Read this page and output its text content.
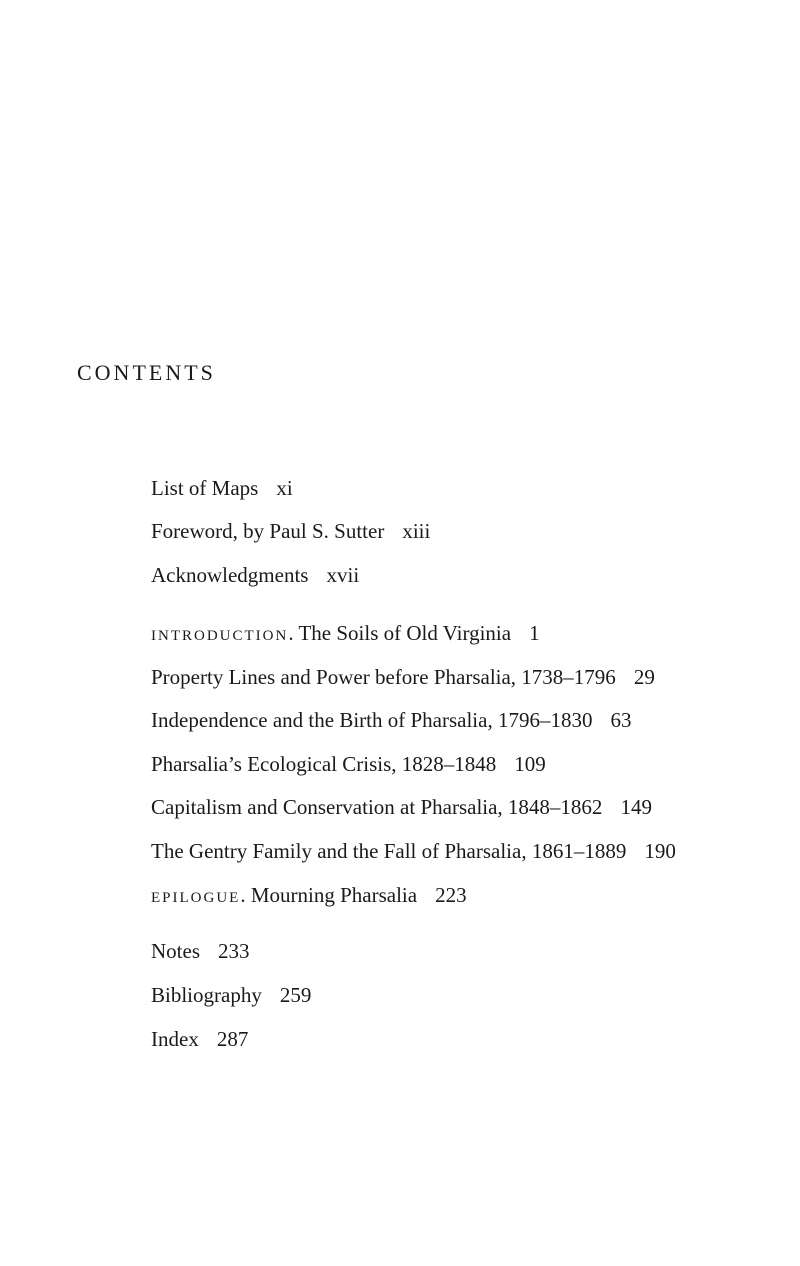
CONTENTS
List of Maps xi
Foreword, by Paul S. Sutter xiii
Acknowledgments xvii
introduction. The Soils of Old Virginia 1
Property Lines and Power before Pharsalia, 1738–1796 29
Independence and the Birth of Pharsalia, 1796–1830 63
Pharsalia’s Ecological Crisis, 1828–1848 109
Capitalism and Conservation at Pharsalia, 1848–1862 149
The Gentry Family and the Fall of Pharsalia, 1861–1889 190
epilogue. Mourning Pharsalia 223
Notes 233
Bibliography 259
Index 287
